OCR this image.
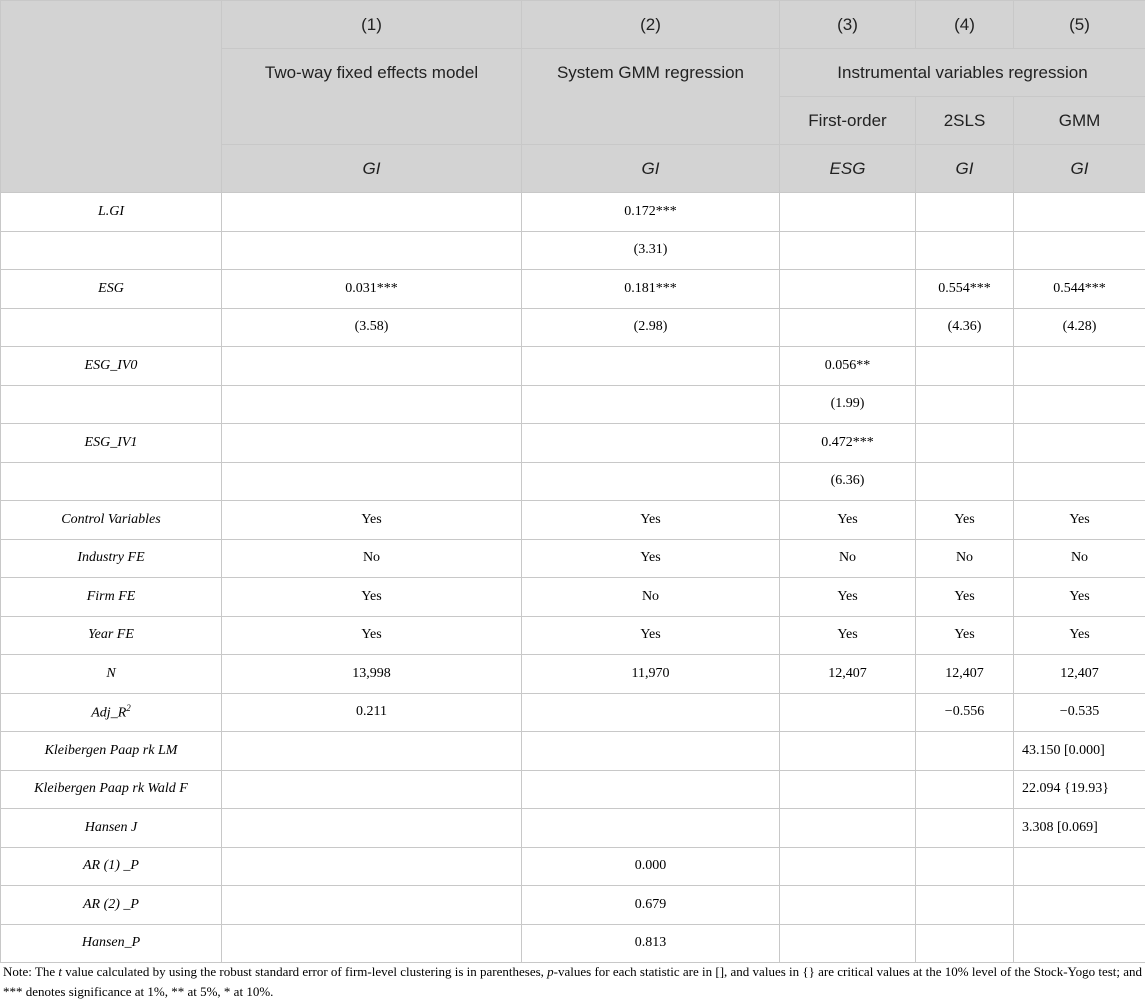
	(1)	(2)	(3)	(4)	(5)
	Two-way fixed effects model	System GMM regression	Instrumental variables regression		
			First-order	2SLS	GMM
	GI	GI	ESG	GI	GI
L.GI		0.172***			
		(3.31)			
ESG	0.031***	0.181***		0.554***	0.544***
	(3.58)	(2.98)		(4.36)	(4.28)
ESG_IV0			0.056**		
			(1.99)		
ESG_IV1			0.472***		
			(6.36)		
Control Variables	Yes	Yes	Yes	Yes	Yes
Industry FE	No	Yes	No	No	No
Firm FE	Yes	No	Yes	Yes	Yes
Year FE	Yes	Yes	Yes	Yes	Yes
N	13,998	11,970	12,407	12,407	12,407
$Adj\_R^2$	0.211			−0.556	−0.535
Kleibergen Paap rk LM					43.150 [0.000]
Kleibergen Paap rk Wald F					22.094 {19.93}
Hansen J					3.308 [0.069]
AR (1) _P		0.000			
AR (2) _P		0.679			
Hansen_P		0.813			
Note: The t value calculated by using the robust standard error of firm-level clustering is in parentheses, p-values for each statistic are in [], and values in {} are critical values at the 10% level of the Stock-Yogo test; and *** denotes significance at 1%, ** at 5%, * at 10%.
